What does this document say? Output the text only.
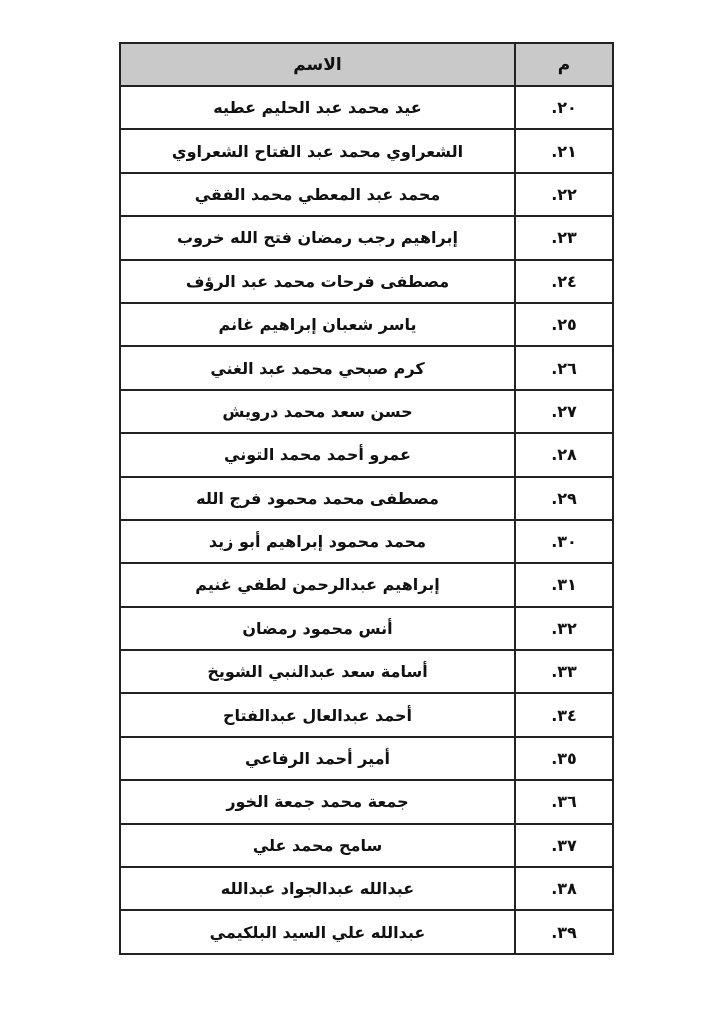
م	الاسم
٢٠.	عيد محمد عبد الحليم عطيه
٢١.	الشعراوي محمد عبد الفتاح الشعراوي
٢٢.	محمد عبد المعطي محمد الفقي
٢٣.	إبراهيم رجب رمضان فتح الله خروب
٢٤.	مصطفى فرحات محمد عبد الرؤف
٢٥.	ياسر شعبان إبراهيم غانم
٢٦.	كرم صبحي محمد عبد الغني
٢٧.	حسن سعد محمد درويش
٢٨.	عمرو أحمد محمد التوني
٢٩.	مصطفى محمد محمود فرج الله
٣٠.	محمد محمود إبراهيم أبو زيد
٣١.	إبراهيم عبدالرحمن لطفي غنيم
٣٢.	أنس محمود رمضان
٣٣.	أسامة سعد عبدالنبي الشويخ
٣٤.	أحمد عبدالعال عبدالفتاح
٣٥.	أمير أحمد الرفاعي
٣٦.	جمعة محمد جمعة الخور
٣٧.	سامح محمد علي
٣٨.	عبدالله عبدالجواد عبدالله
٣٩.	عبدالله علي السيد البلكيمي
